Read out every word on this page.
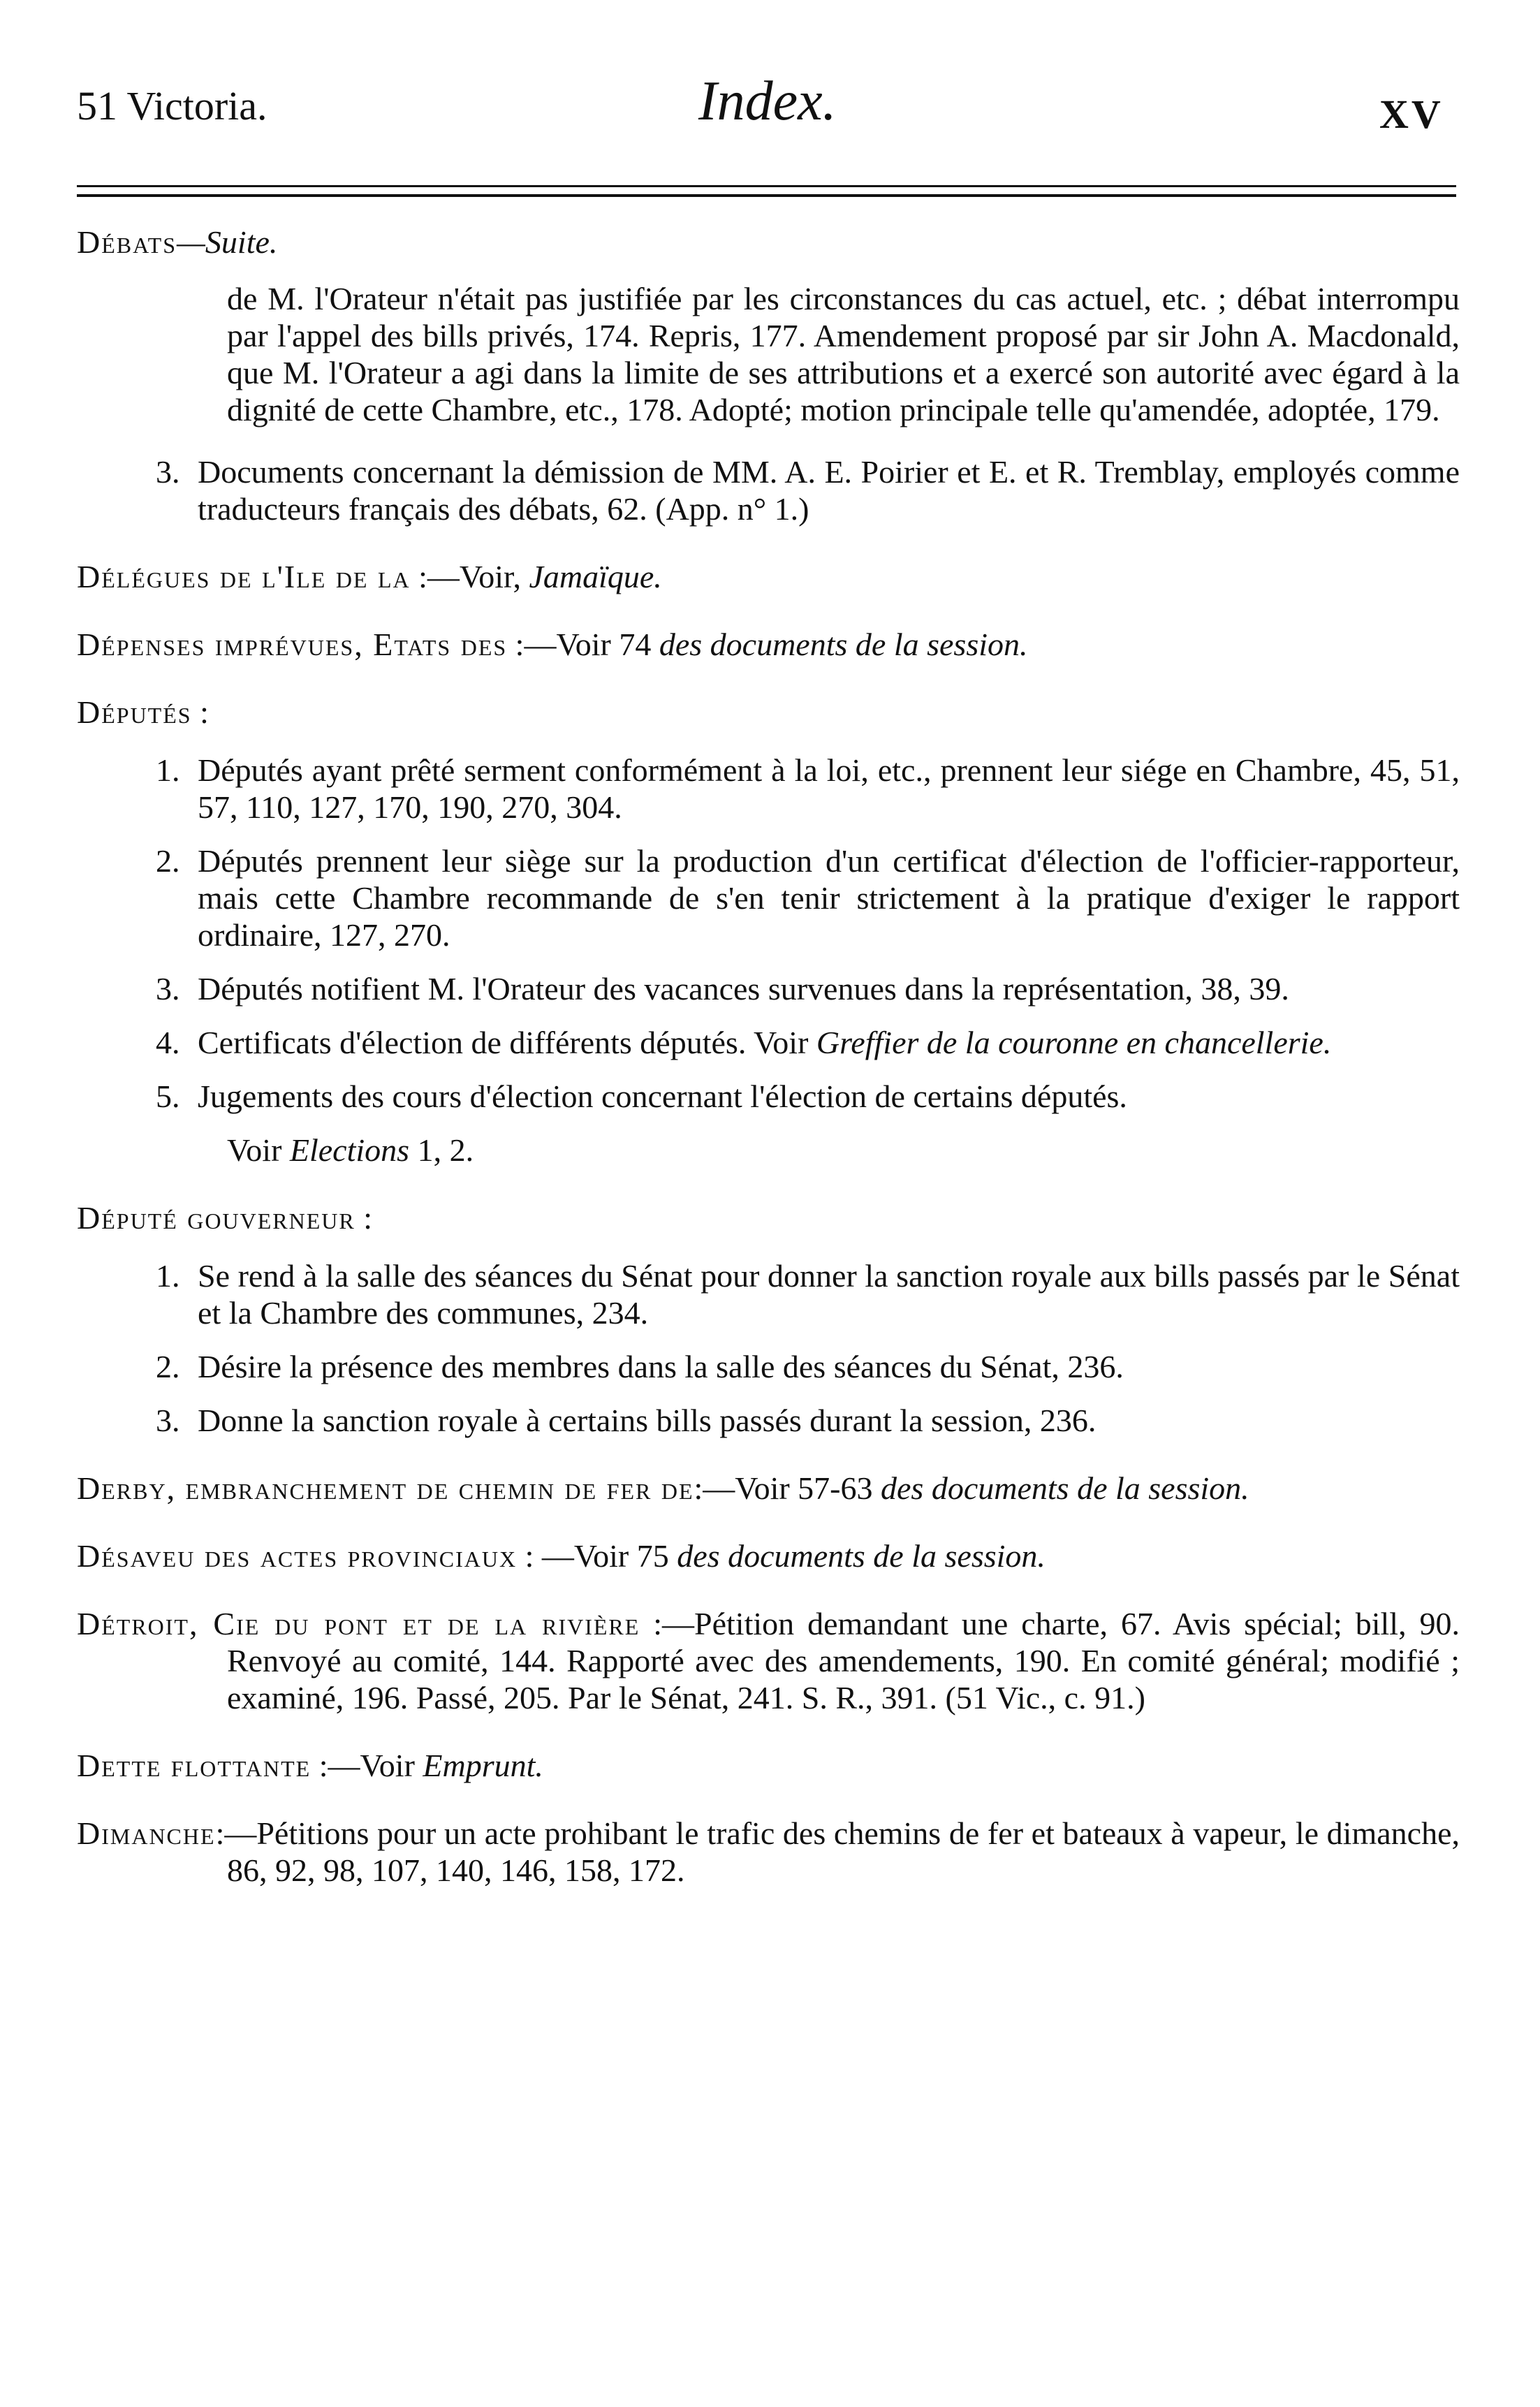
51 Victoria.	Index.	XV
Débats—Suite.
de M. l'Orateur n'était pas justifiée par les circonstances du cas actuel, etc. ; débat interrompu par l'appel des bills privés, 174. Repris, 177. Amendement proposé par sir John A. Macdonald, que M. l'Orateur a agi dans la limite de ses attributions et a exercé son autorité avec égard à la dignité de cette Chambre, etc., 178. Adopté; motion principale telle qu'amendée, adoptée, 179.
3. Documents concernant la démission de MM. A. E. Poirier et E. et R. Tremblay, employés comme traducteurs français des débats, 62. (App. n° 1.)
Délégues de l'Ile de la :—Voir, Jamaïque.
Dépenses imprévues, Etats des :—Voir 74 des documents de la session.
Députés :
1. Députés ayant prêté serment conformément à la loi, etc., prennent leur siége en Chambre, 45, 51, 57, 110, 127, 170, 190, 270, 304.
2. Députés prennent leur siège sur la production d'un certificat d'élection de l'officier-rapporteur, mais cette Chambre recommande de s'en tenir strictement à la pratique d'exiger le rapport ordinaire, 127, 270.
3. Députés notifient M. l'Orateur des vacances survenues dans la représentation, 38, 39.
4. Certificats d'élection de différents députés. Voir Greffier de la couronne en chancellerie.
5. Jugements des cours d'élection concernant l'élection de certains députés.
Voir Elections 1, 2.
Député gouverneur :
1. Se rend à la salle des séances du Sénat pour donner la sanction royale aux bills passés par le Sénat et la Chambre des communes, 234.
2. Désire la présence des membres dans la salle des séances du Sénat, 236.
3. Donne la sanction royale à certains bills passés durant la session, 236.
Derby, embranchement de chemin de fer de:—Voir 57-63 des documents de la session.
Désaveu des actes provinciaux : —Voir 75 des documents de la session.
Détroit, Cie du pont et de la rivière :—Pétition demandant une charte, 67. Avis spécial; bill, 90. Renvoyé au comité, 144. Rapporté avec des amendements, 190. En comité général; modifié ; examiné, 196. Passé, 205. Par le Sénat, 241. S. R., 391. (51 Vic., c. 91.)
Dette flottante :—Voir Emprunt.
Dimanche:—Pétitions pour un acte prohibant le trafic des chemins de fer et bateaux à vapeur, le dimanche, 86, 92, 98, 107, 140, 146, 158, 172.
